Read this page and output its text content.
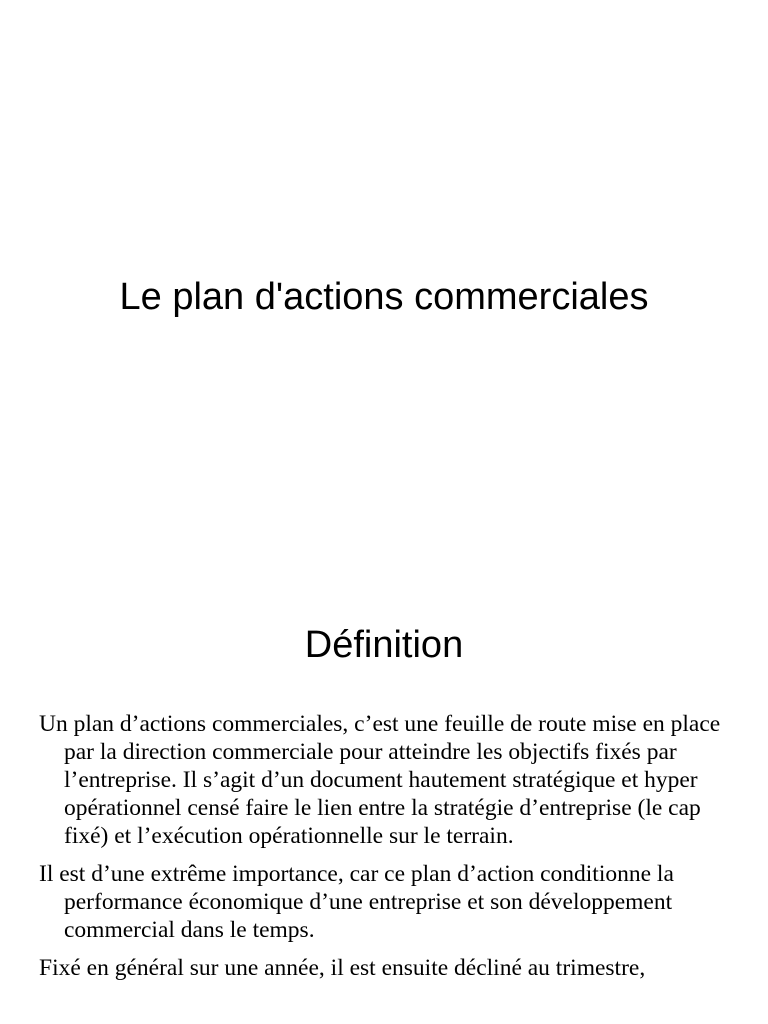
Le plan d'actions commerciales
Définition

Un plan d’actions commerciales, c’est une feuille de route mise en place par la direction commerciale pour atteindre les objectifs fixés par l’entreprise. Il s’agit d’un document hautement stratégique et hyper opérationnel censé faire le lien entre la stratégie d’entreprise (le cap fixé) et l’exécution opérationnelle sur le terrain.

Il est d’une extrême importance, car ce plan d’action conditionne la performance économique d’une entreprise et son développement commercial dans le temps.

Fixé en général sur une année, il est ensuite décliné au trimestre,
